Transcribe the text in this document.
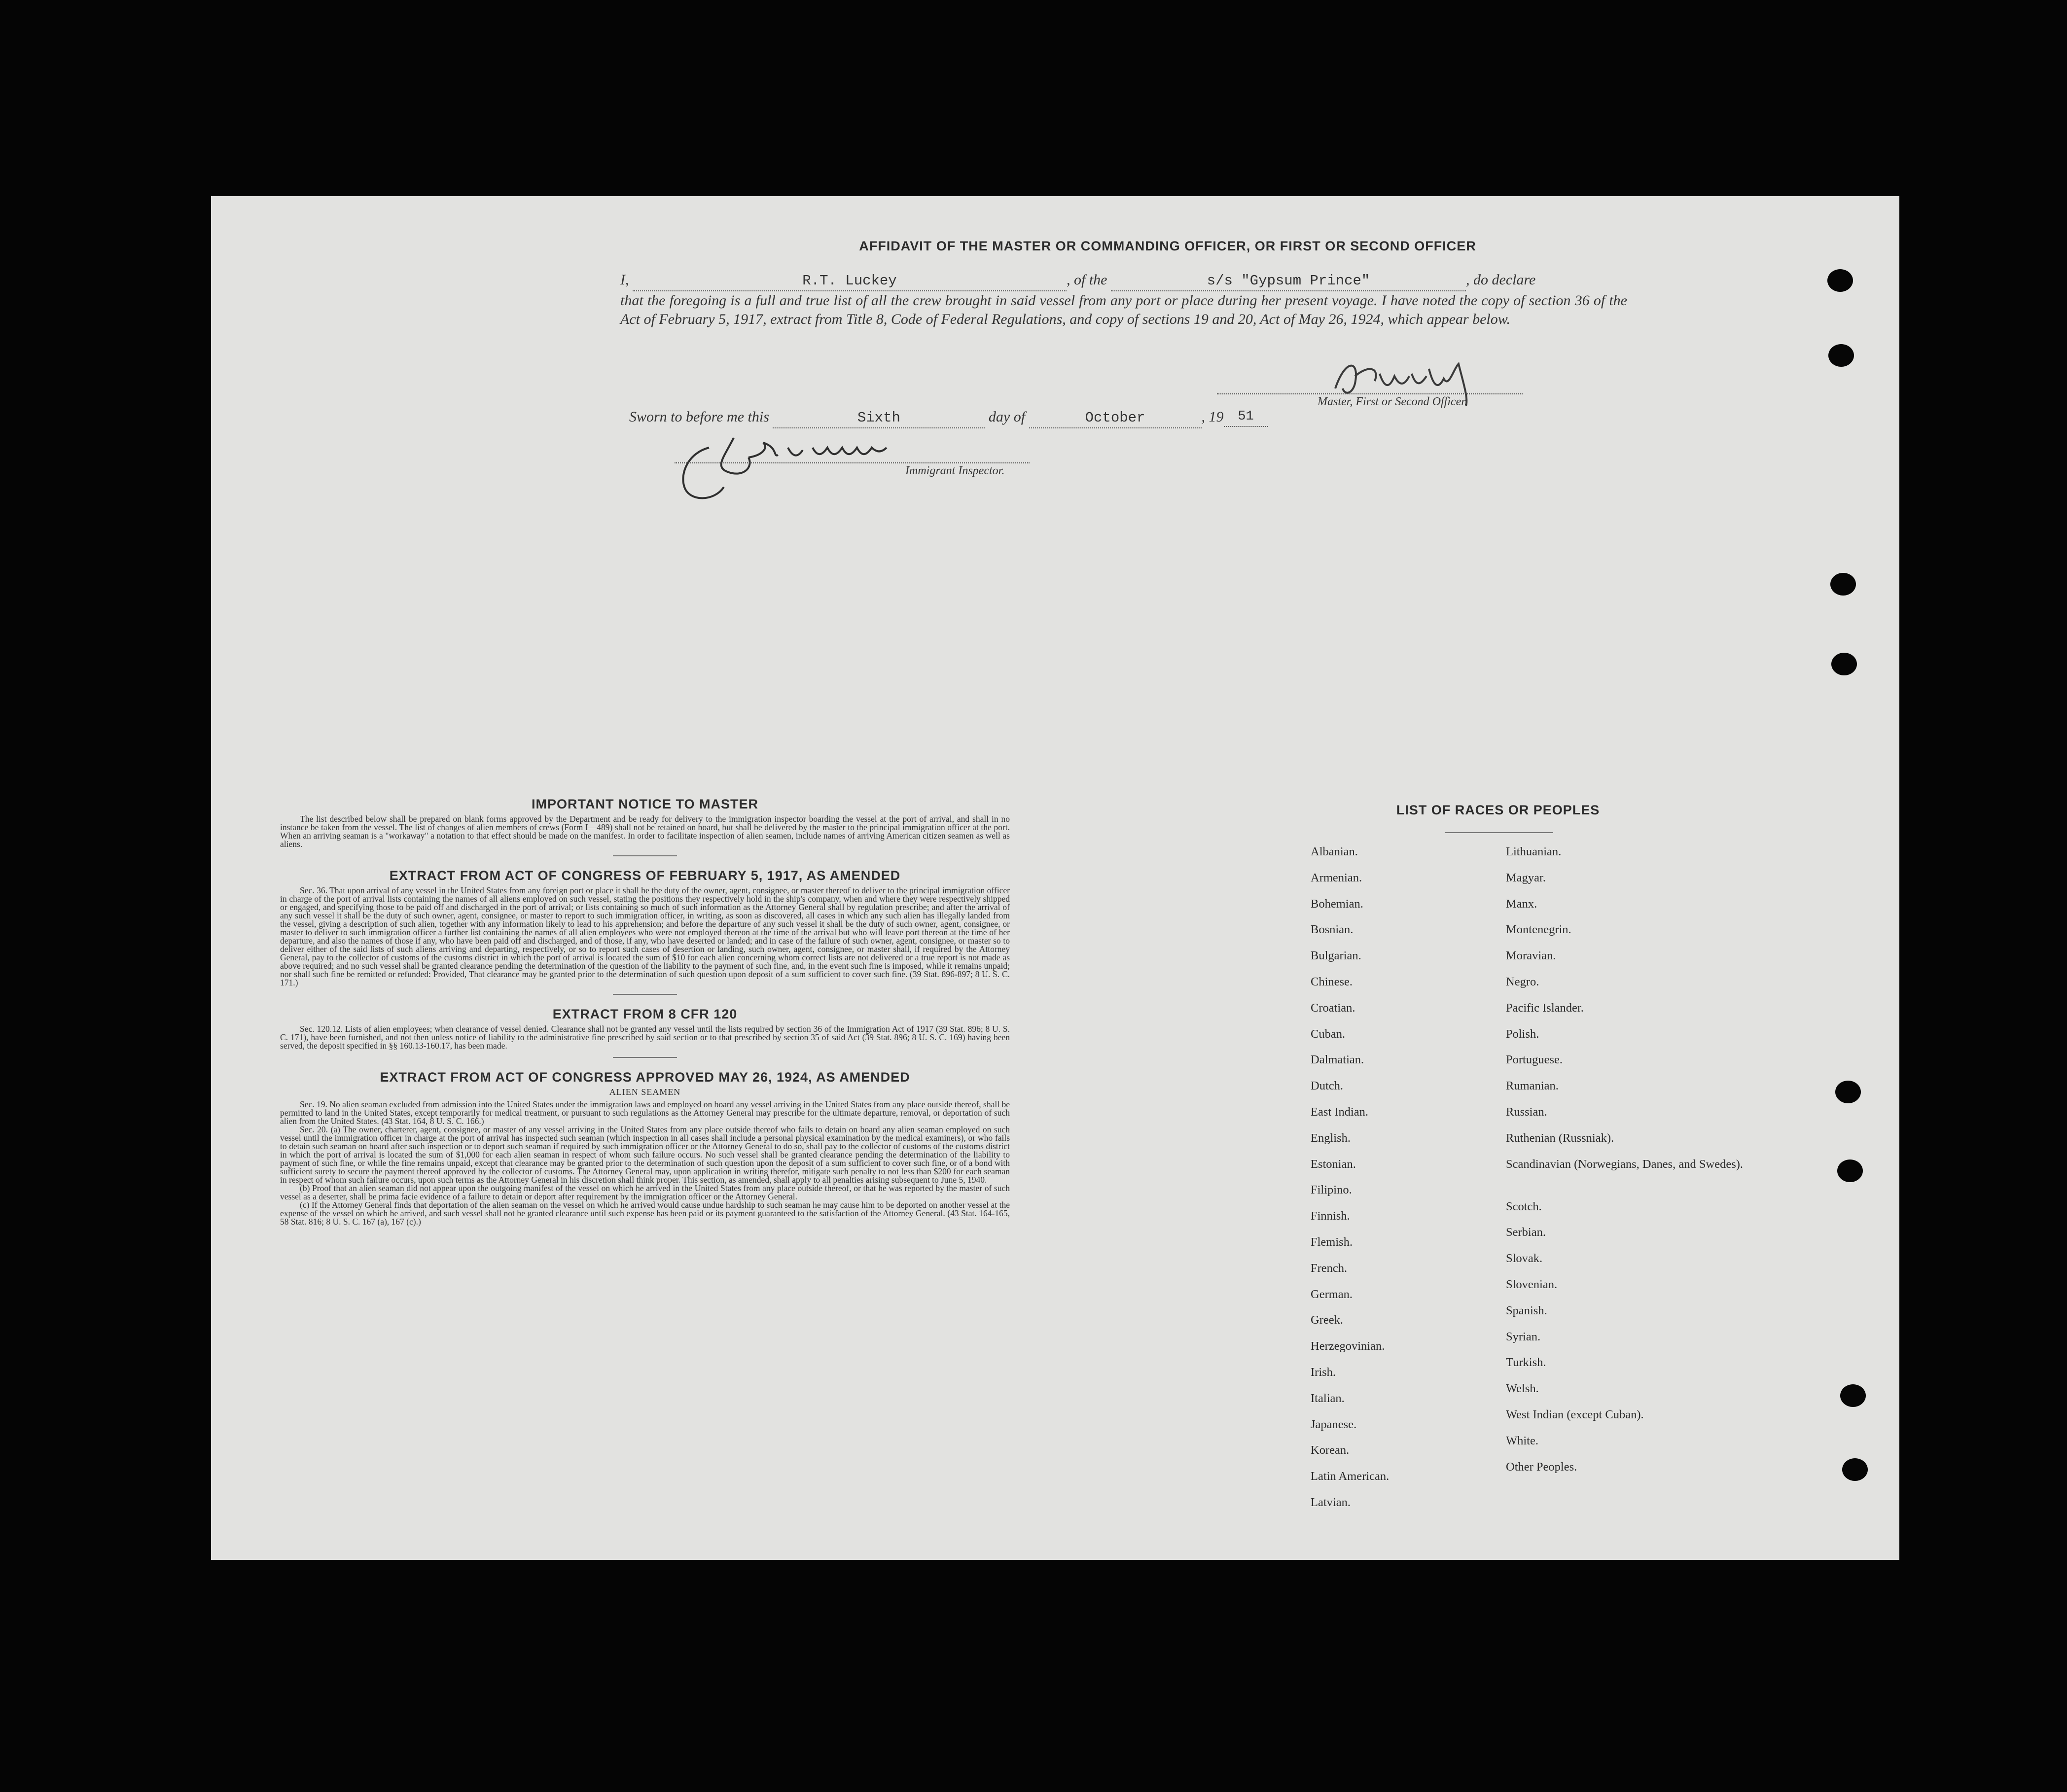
AFFIDAVIT OF THE MASTER OR COMMANDING OFFICER, OR FIRST OR SECOND OFFICER
I,	R.T. Luckey	, of the	s/s "Gypsum Prince"	, do declare
that the foregoing is a full and true list of all the crew brought in said vessel from any port or place during her present voyage. I have noted the copy of section 36 of the Act of February 5, 1917, extract from Title 8, Code of Federal Regulations, and copy of sections 19 and 20, Act of May 26, 1924, which appear below.
Master, First or Second Officer.
Sworn to before me this	Sixth	day of	October	, 19 51
Immigrant Inspector.
IMPORTANT NOTICE TO MASTER

The list described below shall be prepared on blank forms approved by the Department and be ready for delivery to the immigration inspector boarding the vessel at the port of arrival, and shall in no instance be taken from the vessel. The list of changes of alien members of crews (Form I—489) shall not be retained on board, but shall be delivered by the master to the principal immigration officer at the port. When an arriving seaman is a "workaway" a notation to that effect should be made on the manifest. In order to facilitate inspection of alien seamen, include names of arriving American citizen seamen as well as aliens.

EXTRACT FROM ACT OF CONGRESS OF FEBRUARY 5, 1917, AS AMENDED

Sec. 36. That upon arrival of any vessel in the United States from any foreign port or place it shall be the duty of the owner, agent, consignee, or master thereof to deliver to the principal immigration officer in charge of the port of arrival lists containing the names of all aliens employed on such vessel, stating the positions they respectively hold in the ship's company, when and where they were respectively shipped or engaged, and specifying those to be paid off and discharged in the port of arrival; or lists containing so much of such information as the Attorney General shall by regulation prescribe; and after the arrival of any such vessel it shall be the duty of such owner, agent, consignee, or master to report to such immigration officer, in writing, as soon as discovered, all cases in which any such alien has illegally landed from the vessel, giving a description of such alien, together with any information likely to lead to his apprehension; and before the departure of any such vessel it shall be the duty of such owner, agent, consignee, or master to deliver to such immigration officer a further list containing the names of all alien employees who were not employed thereon at the time of the arrival but who will leave port thereon at the time of her departure, and also the names of those if any, who have been paid off and discharged, and of those, if any, who have deserted or landed; and in case of the failure of such owner, agent, consignee, or master so to deliver either of the said lists of such aliens arriving and departing, respectively, or so to report such cases of desertion or landing, such owner, agent, consignee, or master shall, if required by the Attorney General, pay to the collector of customs of the customs district in which the port of arrival is located the sum of $10 for each alien concerning whom correct lists are not delivered or a true report is not made as above required; and no such vessel shall be granted clearance pending the determination of the question of the liability to the payment of such fine, and, in the event such fine is imposed, while it remains unpaid; nor shall such fine be remitted or refunded: Provided, That clearance may be granted prior to the determination of such question upon deposit of a sum sufficient to cover such fine. (39 Stat. 896-897; 8 U. S. C. 171.)

EXTRACT FROM 8 CFR 120

Sec. 120.12. Lists of alien employees; when clearance of vessel denied. Clearance shall not be granted any vessel until the lists required by section 36 of the Immigration Act of 1917 (39 Stat. 896; 8 U. S. C. 171), have been furnished, and not then unless notice of liability to the administrative fine prescribed by said section or to that prescribed by section 35 of said Act (39 Stat. 896; 8 U. S. C. 169) having been served, the deposit specified in §§ 160.13-160.17, has been made.

EXTRACT FROM ACT OF CONGRESS APPROVED MAY 26, 1924, AS AMENDED
ALIEN SEAMEN

Sec. 19. No alien seaman excluded from admission into the United States under the immigration laws and employed on board any vessel arriving in the United States from any place outside thereof, shall be permitted to land in the United States, except temporarily for medical treatment, or pursuant to such regulations as the Attorney General may prescribe for the ultimate departure, removal, or deportation of such alien from the United States. (43 Stat. 164, 8 U. S. C. 166.)

Sec. 20. (a) The owner, charterer, agent, consignee, or master of any vessel arriving in the United States from any place outside thereof who fails to detain on board any alien seaman employed on such vessel until the immigration officer in charge at the port of arrival has inspected such seaman (which inspection in all cases shall include a personal physical examination by the medical examiners), or who fails to detain such seaman on board after such inspection or to deport such seaman if required by such immigration officer or the Attorney General to do so, shall pay to the collector of customs of the customs district in which the port of arrival is located the sum of $1,000 for each alien seaman in respect of whom such failure occurs. No such vessel shall be granted clearance pending the determination of the liability to payment of such fine, or while the fine remains unpaid, except that clearance may be granted prior to the determination of such question upon the deposit of a sum sufficient to cover such fine, or of a bond with sufficient surety to secure the payment thereof approved by the collector of customs. The Attorney General may, upon application in writing therefor, mitigate such penalty to not less than $200 for each seaman in respect of whom such failure occurs, upon such terms as the Attorney General in his discretion shall think proper. This section, as amended, shall apply to all penalties arising subsequent to June 5, 1940.

(b) Proof that an alien seaman did not appear upon the outgoing manifest of the vessel on which he arrived in the United States from any place outside thereof, or that he was reported by the master of such vessel as a deserter, shall be prima facie evidence of a failure to detain or deport after requirement by the immigration officer or the Attorney General.

(c) If the Attorney General finds that deportation of the alien seaman on the vessel on which he arrived would cause undue hardship to such seaman he may cause him to be deported on another vessel at the expense of the vessel on which he arrived, and such vessel shall not be granted clearance until such expense has been paid or its payment guaranteed to the satisfaction of the Attorney General. (43 Stat. 164-165, 58 Stat. 816; 8 U. S. C. 167 (a), 167 (c).)

LIST OF RACES OR PEOPLES
Albanian.
Armenian.
Bohemian.
Bosnian.
Bulgarian.
Chinese.
Croatian.
Cuban.
Dalmatian.
Dutch.
East Indian.
English.
Estonian.
Filipino.
Finnish.
Flemish.
French.
German.
Greek.
Herzegovinian.
Irish.
Italian.
Japanese.
Korean.
Latin American.
Latvian.
Lithuanian.
Magyar.
Manx.
Montenegrin.
Moravian.
Negro.
Pacific Islander.
Polish.
Portuguese.
Rumanian.
Russian.
Ruthenian (Russniak).
Scandinavian (Norwegians, Danes, and Swedes).
Scotch.
Serbian.
Slovak.
Slovenian.
Spanish.
Syrian.
Turkish.
Welsh.
West Indian (except Cuban).
White.
Other Peoples.
